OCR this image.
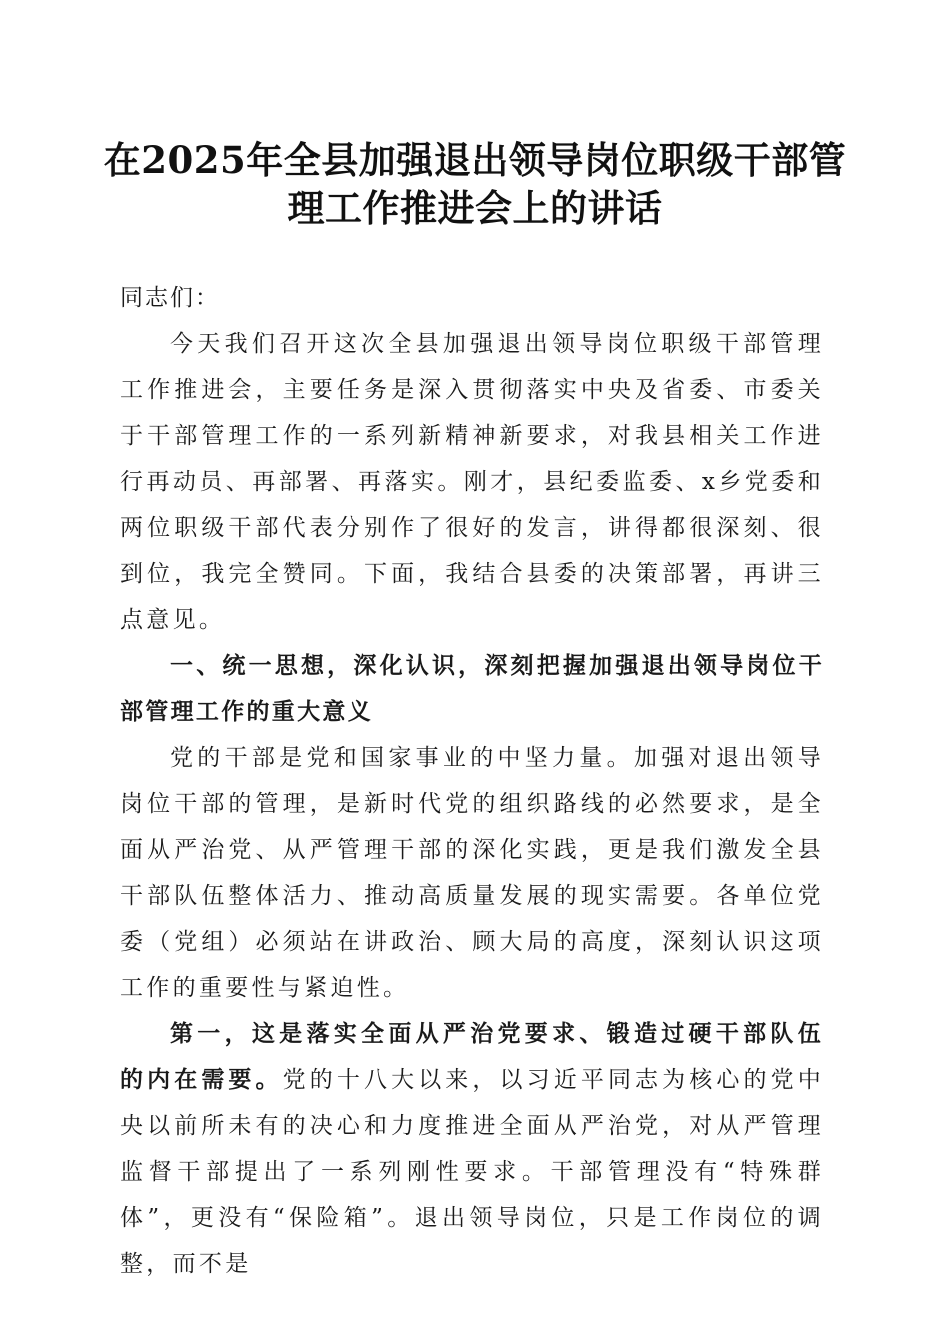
在2025年全县加强退出领导岗位职级干部管
理工作推进会上的讲话

同志们：

今天我们召开这次全县加强退出领导岗位职级干部管理工作推进会，主要任务是深入贯彻落实中央及省委、市委关于干部管理工作的一系列新精神新要求，对我县相关工作进行再动员、再部署、再落实。刚才，县纪委监委、x乡党委和两位职级干部代表分别作了很好的发言，讲得都很深刻、很到位，我完全赞同。下面，我结合县委的决策部署，再讲三点意见。

一、统一思想，深化认识，深刻把握加强退出领导岗位干部管理工作的重大意义

党的干部是党和国家事业的中坚力量。加强对退出领导岗位干部的管理，是新时代党的组织路线的必然要求，是全面从严治党、从严管理干部的深化实践，更是我们激发全县干部队伍整体活力、推动高质量发展的现实需要。各单位党委（党组）必须站在讲政治、顾大局的高度，深刻认识这项工作的重要性与紧迫性。

第一，这是落实全面从严治党要求、锻造过硬干部队伍的内在需要。党的十八大以来，以习近平同志为核心的党中央以前所未有的决心和力度推进全面从严治党，对从严管理监督干部提出了一系列刚性要求。干部管理没有“特殊群体”，更没有“保险箱”。退出领导岗位，只是工作岗位的调整，而不是
